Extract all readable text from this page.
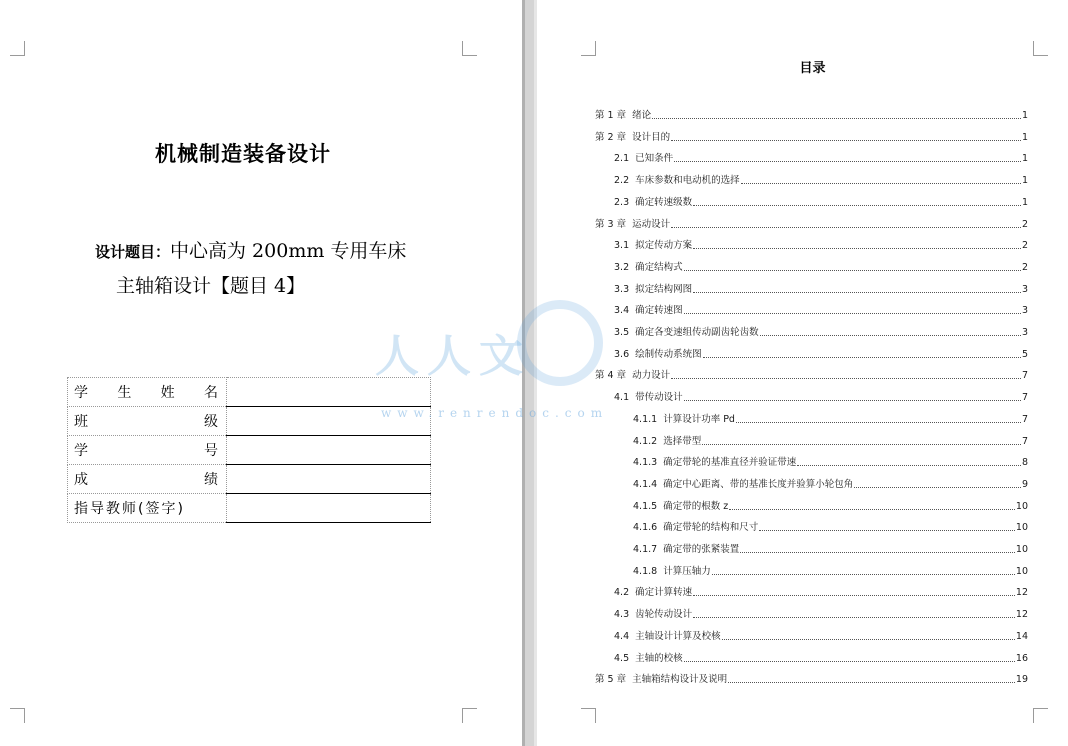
机械制造装备设计
设计题目：中心高为 200mm 专用车床
主轴箱设计【题目 4】
学 生 姓 名	

班 级	

学 号	

成 绩	

指导教师(签字)	

目录
第 1 章 绪论	1
第 2 章 设计目的	1
2.1 已知条件	1
2.2 车床参数和电动机的选择	1
2.3 确定转速级数	1
第 3 章 运动设计	2
3.1 拟定传动方案	2
3.2 确定结构式	2
3.3 拟定结构网图	3
3.4 确定转速图	3
3.5 确定各变速组传动副齿轮齿数	3
3.6 绘制传动系统图	5
第 4 章 动力设计	7
4.1 带传动设计	7
4.1.1 计算设计功率 Pd	7
4.1.2 选择带型	7
4.1.3 确定带轮的基准直径并验证带速	8
4.1.4 确定中心距离、带的基准长度并验算小轮包角	9
4.1.5 确定带的根数 z	10
4.1.6 确定带轮的结构和尺寸	10
4.1.7 确定带的张紧装置	10
4.1.8 计算压轴力	10
4.2 确定计算转速	12
4.3 齿轮传动设计	12
4.4 主轴设计计算及校核	14
4.5 主轴的校核	16
第 5 章 主轴箱结构设计及说明	19
人人文
www.renrendoc.com
